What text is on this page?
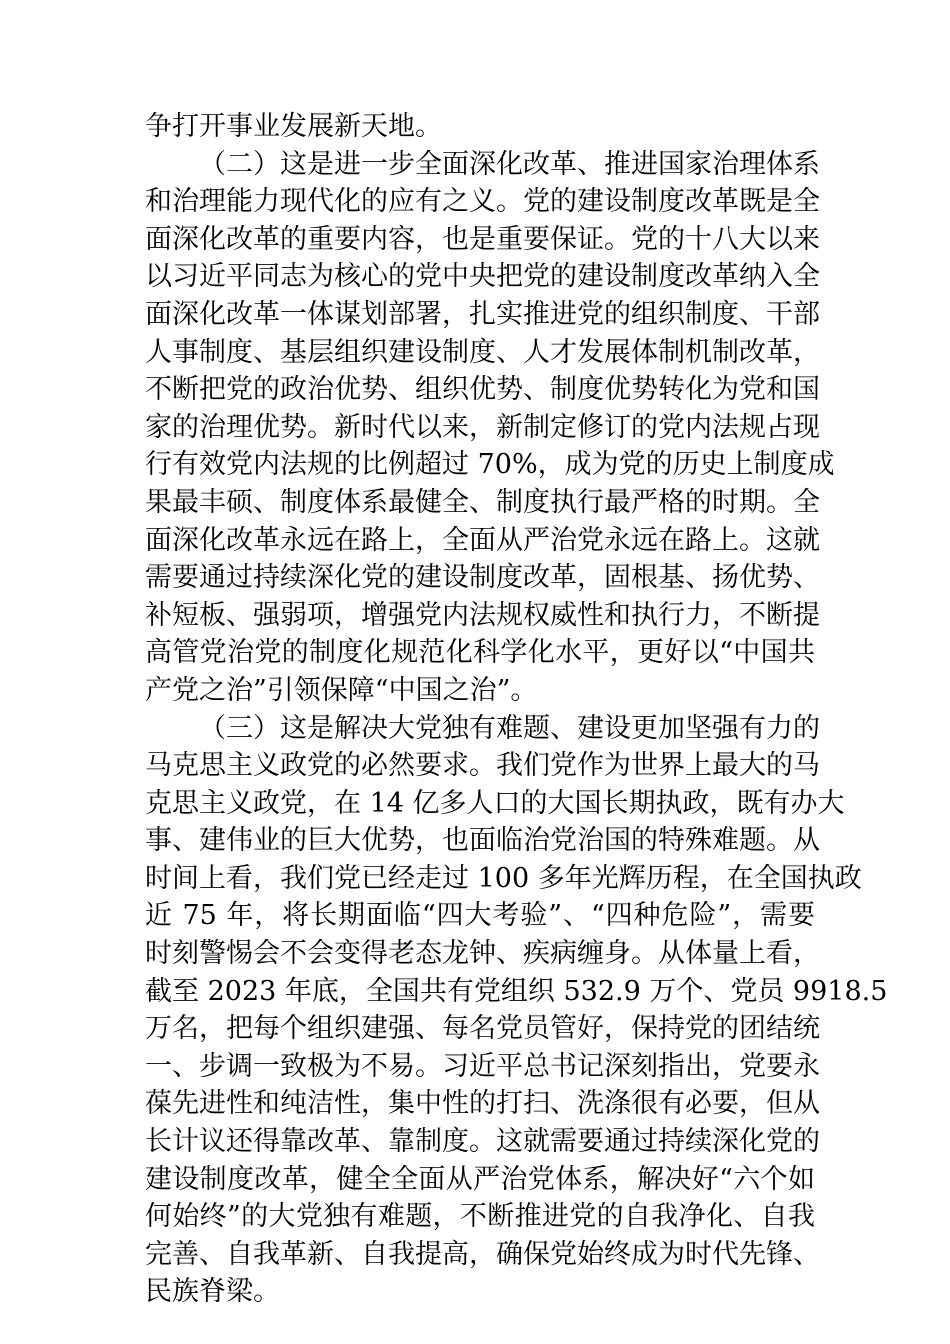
争打开事业发展新天地。
（二）这是进一步全面深化改革、推进国家治理体系
和治理能力现代化的应有之义。党的建设制度改革既是全
面深化改革的重要内容，也是重要保证。党的十八大以来
以习近平同志为核心的党中央把党的建设制度改革纳入全
面深化改革一体谋划部署，扎实推进党的组织制度、干部
人事制度、基层组织建设制度、人才发展体制机制改革，
不断把党的政治优势、组织优势、制度优势转化为党和国
家的治理优势。新时代以来，新制定修订的党内法规占现
行有效党内法规的比例超过 70%，成为党的历史上制度成
果最丰硕、制度体系最健全、制度执行最严格的时期。全
面深化改革永远在路上，全面从严治党永远在路上。这就
需要通过持续深化党的建设制度改革，固根基、扬优势、
补短板、强弱项，增强党内法规权威性和执行力，不断提
高管党治党的制度化规范化科学化水平，更好以“中国共
产党之治”引领保障“中国之治”。
（三）这是解决大党独有难题、建设更加坚强有力的
马克思主义政党的必然要求。我们党作为世界上最大的马
克思主义政党，在 14 亿多人口的大国长期执政，既有办大
事、建伟业的巨大优势，也面临治党治国的特殊难题。从
时间上看，我们党已经走过 100 多年光辉历程，在全国执政
近 75 年，将长期面临“四大考验”、“四种危险”，需要
时刻警惕会不会变得老态龙钟、疾病缠身。从体量上看，
截至 2023 年底，全国共有党组织 532.9 万个、党员 9918.5
万名，把每个组织建强、每名党员管好，保持党的团结统
一、步调一致极为不易。习近平总书记深刻指出，党要永
葆先进性和纯洁性，集中性的打扫、洗涤很有必要，但从
长计议还得靠改革、靠制度。这就需要通过持续深化党的
建设制度改革，健全全面从严治党体系，解决好“六个如
何始终”的大党独有难题，不断推进党的自我净化、自我
完善、自我革新、自我提高，确保党始终成为时代先锋、
民族脊梁。
